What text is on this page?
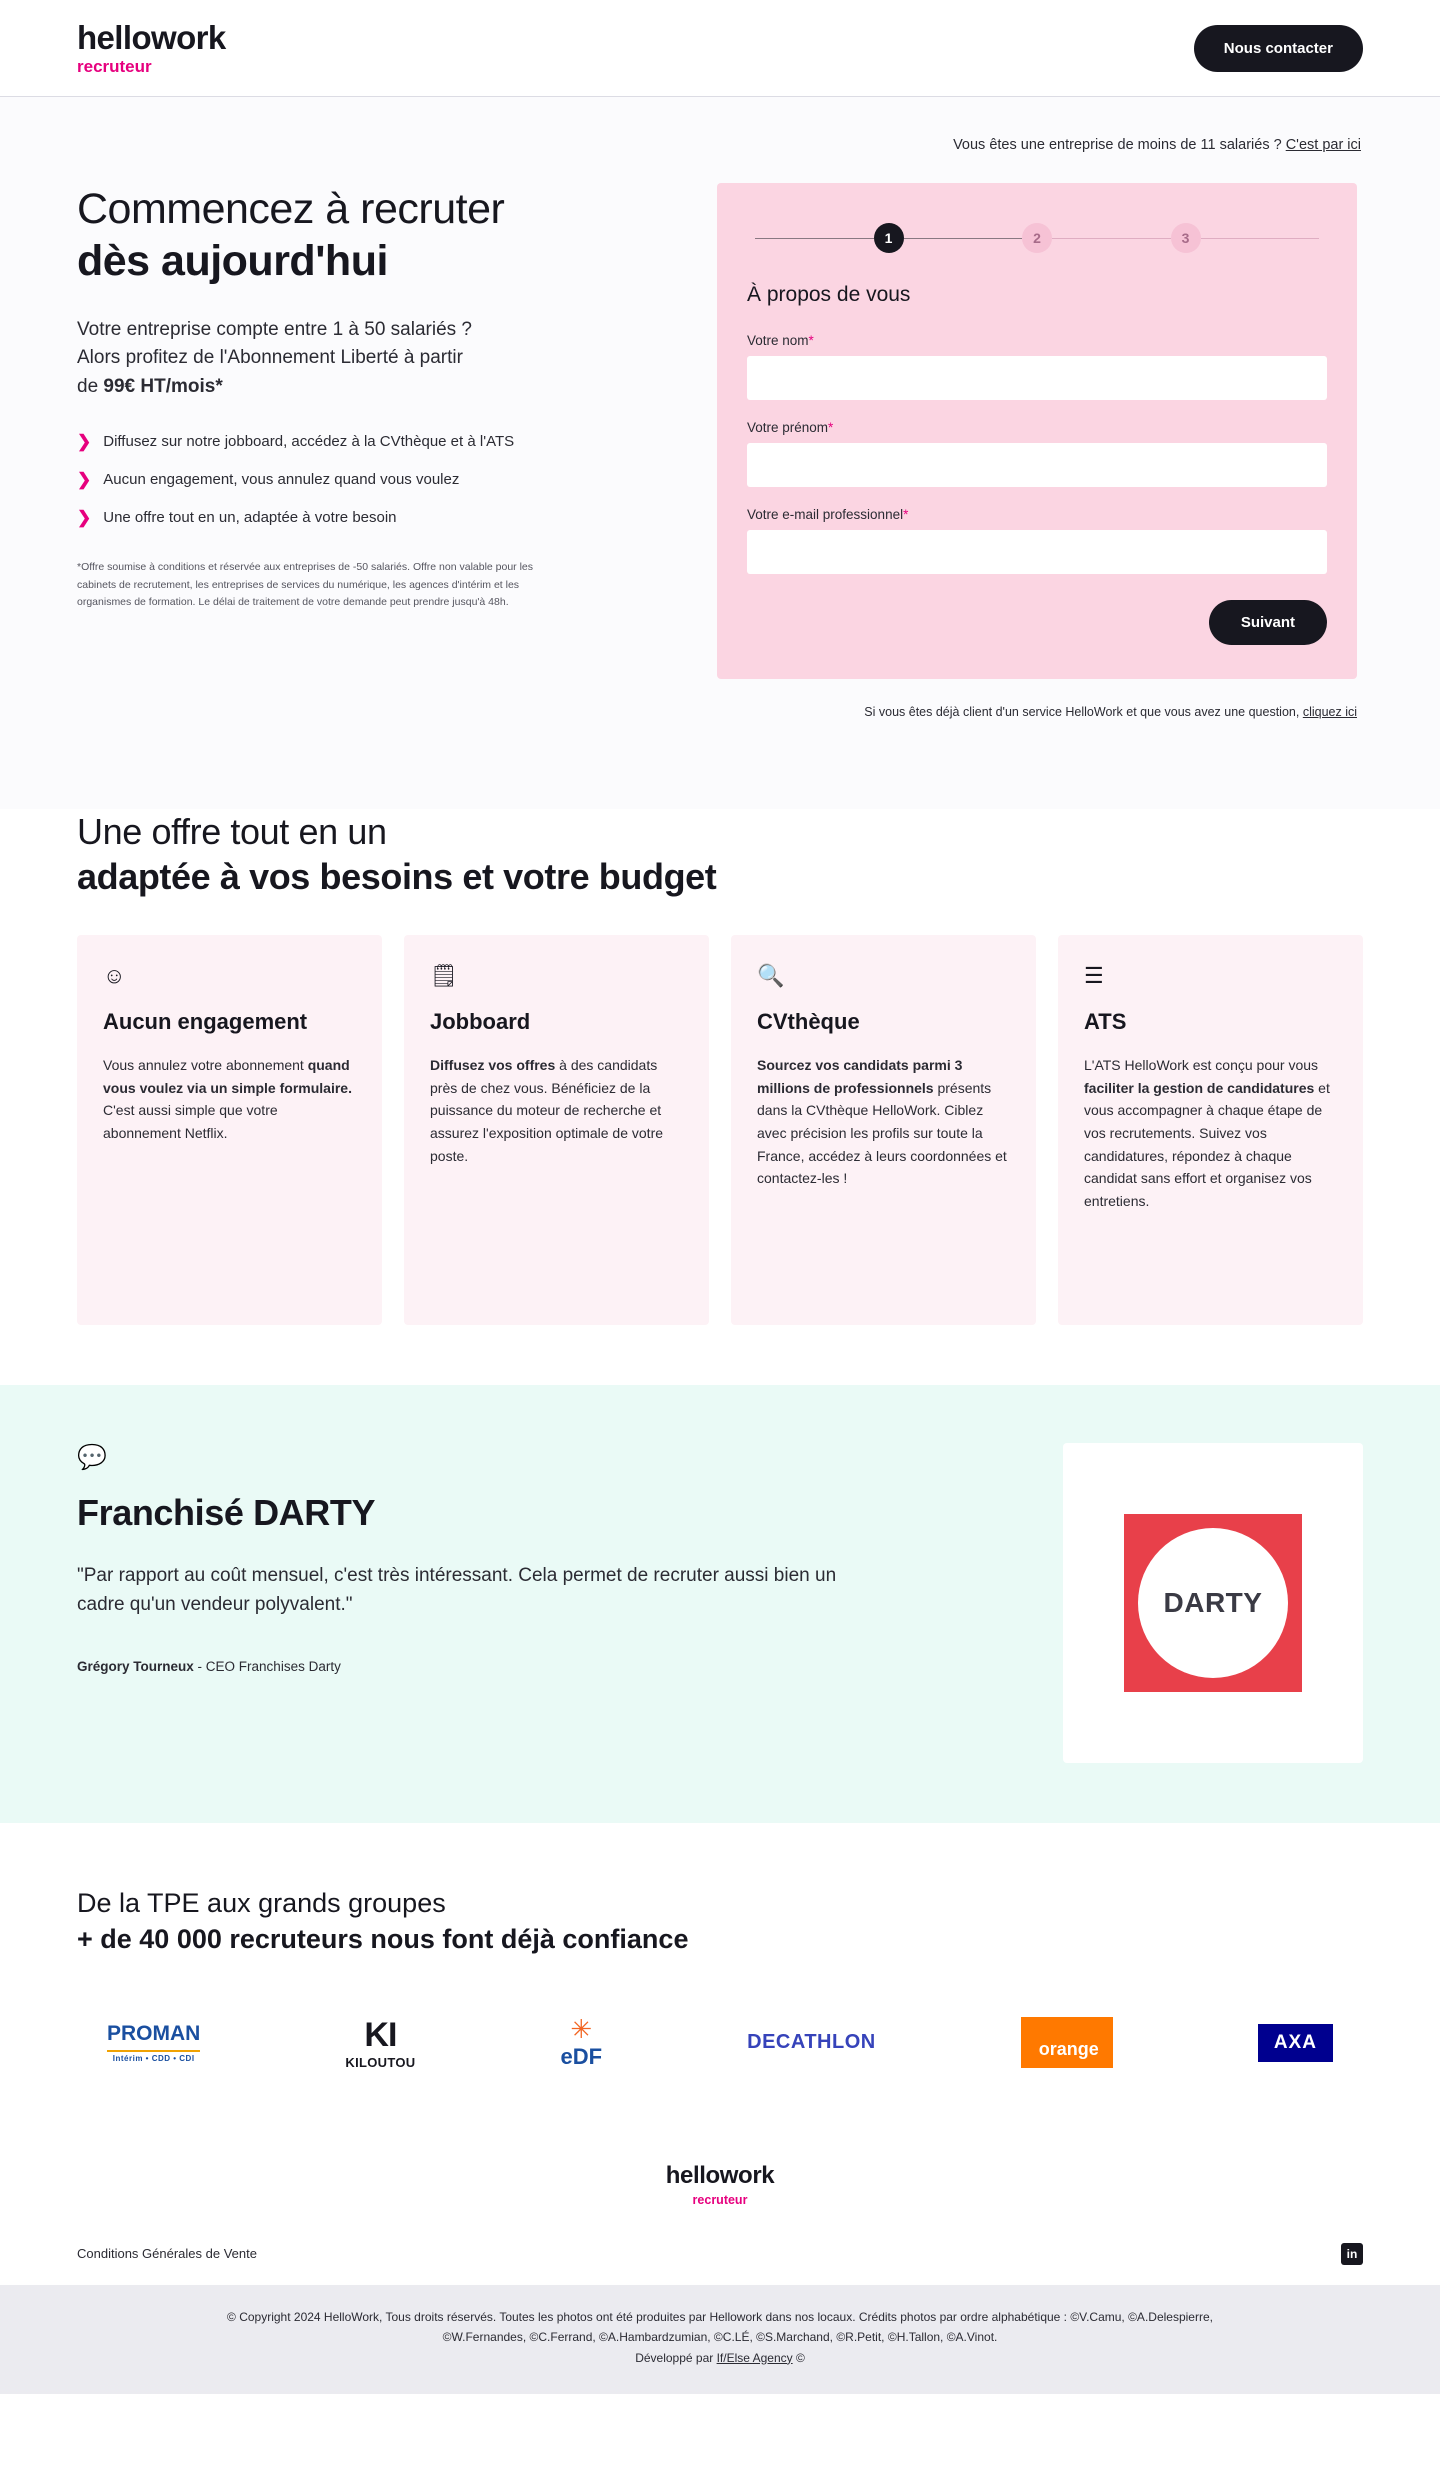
hellowork
recruteur
Nous contacter
Vous êtes une entreprise de moins de 11 salariés ? C'est par ici
Commencez à recruter
dès aujourd'hui
Votre entreprise compte entre 1 à 50 salariés ?
Alors profitez de l'Abonnement Liberté à partir
de 99€ HT/mois*
❯ Diffusez sur notre jobboard, accédez à la CVthèque et à l'ATS
❯ Aucun engagement, vous annulez quand vous voulez
❯ Une offre tout en un, adaptée à votre besoin
*Offre soumise à conditions et réservée aux entreprises de -50 salariés. Offre non valable pour les cabinets de recrutement, les entreprises de services du numérique, les agences d'intérim et les organismes de formation. Le délai de traitement de votre demande peut prendre jusqu'à 48h.
1	2	3
À propos de vous
Votre nom*
Votre prénom*
Votre e-mail professionnel*
Suivant
Si vous êtes déjà client d'un service HelloWork et que vous avez une question, cliquez ici
Une offre tout en un
adaptée à vos besoins et votre budget
☺
Aucun engagement

Vous annulez votre abonnement quand vous voulez via un simple formulaire. C'est aussi simple que votre abonnement Netflix.

🗒
Jobboard

Diffusez vos offres à des candidats près de chez vous. Bénéficiez de la puissance du moteur de recherche et assurez l'exposition optimale de votre poste.

🔍
CVthèque

Sourcez vos candidats parmi 3 millions de professionnels présents dans la CVthèque HelloWork. Ciblez avec précision les profils sur toute la France, accédez à leurs coordonnées et contactez-les !

☰
ATS

L'ATS HelloWork est conçu pour vous faciliter la gestion de candidatures et vous accompagner à chaque étape de vos recrutements. Suivez vos candidatures, répondez à chaque candidat sans effort et organisez vos entretiens.

💬
Franchisé DARTY
"Par rapport au coût mensuel, c'est très intéressant. Cela permet de recruter aussi bien un cadre qu'un vendeur polyvalent."
Grégory Tourneux - CEO Franchises Darty
DARTY
De la TPE aux grands groupes
+ de 40 000 recruteurs nous font déjà confiance
PROMAN
Intérim • CDD • CDI
KI
KILOUTOU
✳
eDF
DECATHLON	orange	AXA
hellowork
recruteur
Conditions Générales de Vente	in
© Copyright 2024 HelloWork, Tous droits réservés. Toutes les photos ont été produites par Hellowork dans nos locaux. Crédits photos par ordre alphabétique : ©V.Camu, ©A.Delespierre,
©W.Fernandes, ©C.Ferrand, ©A.Hambardzumian, ©C.LÉ, ©S.Marchand, ©R.Petit, ©H.Tallon, ©A.Vinot.
Développé par If/Else Agency ©
